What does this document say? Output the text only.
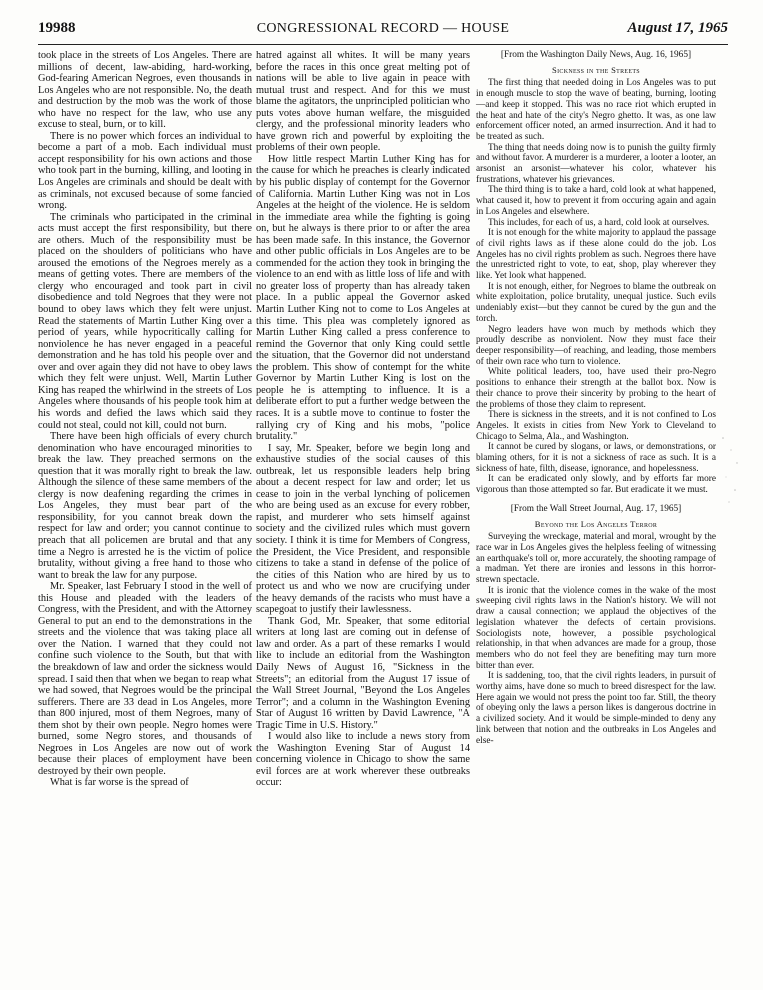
19988	CONGRESSIONAL RECORD — HOUSE	August 17, 1965

took place in the streets of Los Angeles. There are millions of decent, law-abiding, hard-working, God-fearing American Negroes, even thousands in Los Angeles who are not responsible. No, the death and destruction by the mob was the work of those who have no respect for the law, who use any excuse to steal, burn, or to kill.

There is no power which forces an individual to become a part of a mob. Each individual must accept responsibility for his own actions and those who took part in the burning, killing, and looting in Los Angeles are criminals and should be dealt with as criminals, not excused because of some fancied wrong.

The criminals who participated in the criminal acts must accept the first responsibility, but there are others. Much of the responsibility must be placed on the shoulders of politicians who have aroused the emotions of the Negroes merely as a means of getting votes. There are members of the clergy who encouraged and took part in civil disobedience and told Negroes that they were not bound to obey laws which they felt were unjust. Read the statements of Martin Luther King over a period of years, while hypocritically calling for nonviolence he has never engaged in a peaceful demonstration and he has told his people over and over and over again they did not have to obey laws which they felt were unjust. Well, Martin Luther King has reaped the whirlwind in the streets of Los Angeles where thousands of his people took him at his words and defied the laws which said they could not steal, could not kill, could not burn.

There have been high officials of every church denomination who have encouraged minorities to break the law. They preached sermons on the question that it was morally right to break the law. Although the silence of these same members of the clergy is now deafening regarding the crimes in Los Angeles, they must bear part of the responsibility, for you cannot break down the respect for law and order; you cannot continue to preach that all policemen are brutal and that any time a Negro is arrested he is the victim of police brutality, without giving a free hand to those who want to break the law for any purpose.

Mr. Speaker, last February I stood in the well of this House and pleaded with the leaders of Congress, with the President, and with the Attorney General to put an end to the demonstrations in the streets and the violence that was taking place all over the Nation. I warned that they could not confine such violence to the South, but that with the breakdown of law and order the sickness would spread. I said then that when we began to reap what we had sowed, that Negroes would be the principal sufferers. There are 33 dead in Los Angeles, more than 800 injured, most of them Negroes, many of them shot by their own people. Negro homes were burned, some Negro stores, and thousands of Negroes in Los Angeles are now out of work because their places of employment have been destroyed by their own people.

What is far worse is the spread of

hatred against all whites. It will be many years before the races in this once great melting pot of nations will be able to live again in peace with mutual trust and respect. And for this we must blame the agitators, the unprincipled politician who puts votes above human welfare, the misguided clergy, and the professional minority leaders who have grown rich and powerful by exploiting the problems of their own people.

How little respect Martin Luther King has for the cause for which he preaches is clearly indicated by his public display of contempt for the Governor of California. Martin Luther King was not in Los Angeles at the height of the violence. He is seldom in the immediate area while the fighting is going on, but he always is there prior to or after the area has been made safe. In this instance, the Governor and other public officials in Los Angeles are to be commended for the action they took in bringing the violence to an end with as little loss of life and with no greater loss of property than has already taken place. In a public appeal the Governor asked Martin Luther King not to come to Los Angeles at this time. This plea was completely ignored as Martin Luther King called a press conference to remind the Governor that only King could settle the situation, that the Governor did not understand the problem. This show of contempt for the white Governor by Martin Luther King is lost on the people he is attempting to influence. It is a deliberate effort to put a further wedge between the races. It is a subtle move to continue to foster the rallying cry of King and his mobs, "police brutality."

I say, Mr. Speaker, before we begin long and exhaustive studies of the social causes of this outbreak, let us responsible leaders help bring about a decent respect for law and order; let us cease to join in the verbal lynching of policemen who are being used as an excuse for every robber, rapist, and murderer who sets himself against society and the civilized rules which must govern society. I think it is time for Members of Congress, the President, the Vice President, and responsible citizens to take a stand in defense of the police of the cities of this Nation who are hired by us to protect us and who we now are crucifying under the heavy demands of the racists who must have a scapegoat to justify their lawlessness.

Thank God, Mr. Speaker, that some editorial writers at long last are coming out in defense of law and order. As a part of these remarks I would like to include an editorial from the Washington Daily News of August 16, "Sickness in the Streets"; an editorial from the August 17 issue of the Wall Street Journal, "Beyond the Los Angeles Terror"; and a column in the Washington Evening Star of August 16 written by David Lawrence, "A Tragic Time in U.S. History."

I would also like to include a news story from the Washington Evening Star of August 14 concerning violence in Chicago to show the same evil forces are at work wherever these outbreaks occur:

[From the Washington Daily News, Aug. 16, 1965]

Sickness in the Streets

The first thing that needed doing in Los Angeles was to put in enough muscle to stop the wave of beating, burning, looting—and keep it stopped. This was no race riot which erupted in the heat and hate of the city's Negro ghetto. It was, as one law enforcement officer noted, an armed insurrection. And it had to be treated as such.

The thing that needs doing now is to punish the guilty firmly and without favor. A murderer is a murderer, a looter a looter, an arsonist an arsonist—whatever his color, whatever his frustrations, whatever his grievances.

The third thing is to take a hard, cold look at what happened, what caused it, how to prevent it from occuring again and again in Los Angeles and elsewhere.

This includes, for each of us, a hard, cold look at ourselves.

It is not enough for the white majority to applaud the passage of civil rights laws as if these alone could do the job. Los Angeles has no civil rights problem as such. Negroes there have the unrestricted right to vote, to eat, shop, play wherever they like. Yet look what happened.

It is not enough, either, for Negroes to blame the outbreak on white exploitation, police brutality, unequal justice. Such evils undeniably exist—but they cannot be cured by the gun and the torch.

Negro leaders have won much by methods which they proudly describe as nonviolent. Now they must face their deeper responsibility—of reaching, and leading, those members of their own race who turn to violence.

White political leaders, too, have used their pro-Negro positions to enhance their strength at the ballot box. Now is their chance to prove their sincerity by probing to the heart of the problems of those they claim to represent.

There is sickness in the streets, and it is not confined to Los Angeles. It exists in cities from New York to Cleveland to Chicago to Selma, Ala., and Washington.

It cannot be cured by slogans, or laws, or demonstrations, or blaming others, for it is not a sickness of race as such. It is a sickness of hate, filth, disease, ignorance, and hopelessness.

It can be eradicated only slowly, and by efforts far more vigorous than those attempted so far. But eradicate it we must.

[From the Wall Street Journal, Aug. 17, 1965]

Beyond the Los Angeles Terror

Surveying the wreckage, material and moral, wrought by the race war in Los Angeles gives the helpless feeling of witnessing an earthquake's toll or, more accurately, the shooting rampage of a madman. Yet there are ironies and lessons in this horror-strewn spectacle.

It is ironic that the violence comes in the wake of the most sweeping civil rights laws in the Nation's history. We will not draw a causal connection; we applaud the objectives of the legislation whatever the defects of certain provisions. Sociologists note, however, a possible psychological relationship, in that when advances are made for a group, those members who do not feel they are benefiting may turn more bitter than ever.

It is saddening, too, that the civil rights leaders, in pursuit of worthy aims, have done so much to breed disrespect for the law. Here again we would not press the point too far. Still, the theory of obeying only the laws a person likes is dangerous doctrine in a civilized society. And it would be simple-minded to deny any link between that notion and the outbreaks in Los Angeles and else-
